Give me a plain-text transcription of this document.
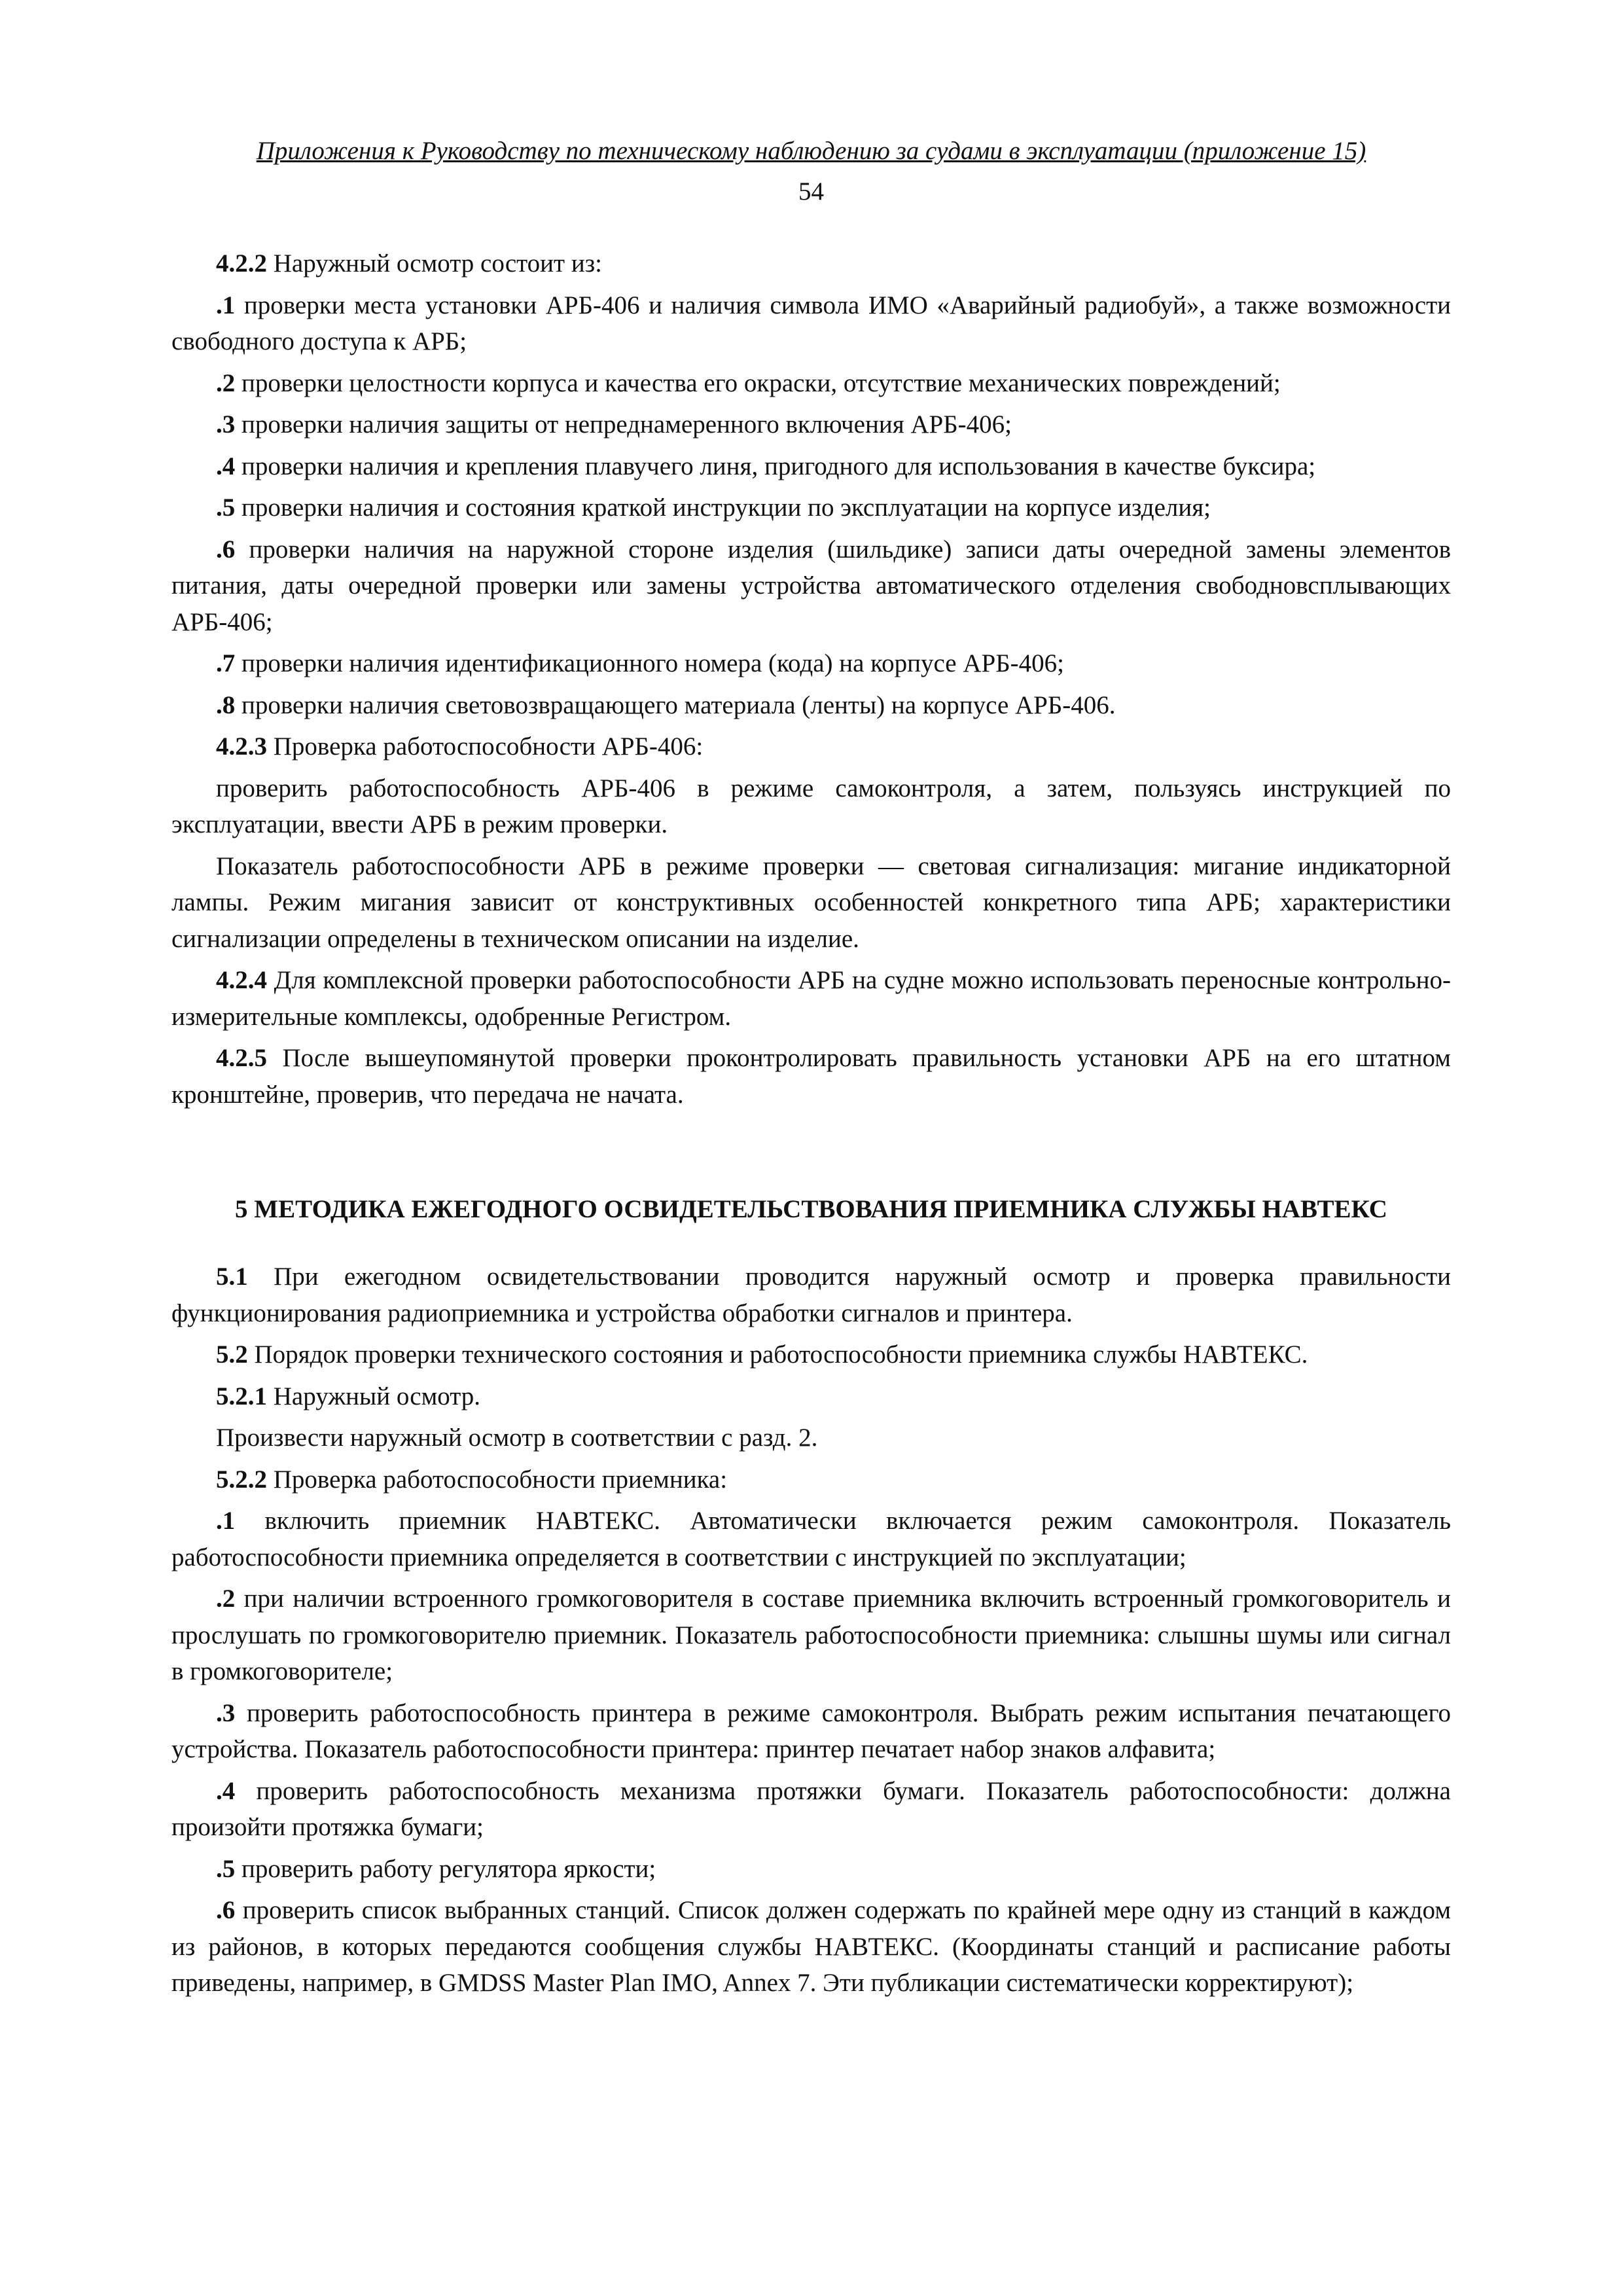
Приложения к Руководству по техническому наблюдению за судами в эксплуатации (приложение 15)
54

4.2.2 Наружный осмотр состоит из:

.1 проверки места установки АРБ-406 и наличия символа ИМО «Аварийный радиобуй», а также возможности свободного доступа к АРБ;

.2 проверки целостности корпуса и качества его окраски, отсутствие механических повреждений;

.3 проверки наличия защиты от непреднамеренного включения АРБ-406;

.4 проверки наличия и крепления плавучего линя, пригодного для использования в качестве буксира;

.5 проверки наличия и состояния краткой инструкции по эксплуатации на корпусе изделия;

.6 проверки наличия на наружной стороне изделия (шильдике) записи даты очередной замены элементов питания, даты очередной проверки или замены устройства автоматического отделения свободновсплывающих АРБ-406;

.7 проверки наличия идентификационного номера (кода) на корпусе АРБ-406;

.8 проверки наличия световозвращающего материала (ленты) на корпусе АРБ-406.

4.2.3 Проверка работоспособности АРБ-406:

проверить работоспособность АРБ-406 в режиме самоконтроля, а затем, пользуясь инструкцией по эксплуатации, ввести АРБ в режим проверки.

Показатель работоспособности АРБ в режиме проверки — световая сигнализация: мигание индикаторной лампы. Режим мигания зависит от конструктивных особенностей конкретного типа АРБ; характеристики сигнализации определены в техническом описании на изделие.

4.2.4 Для комплексной проверки работоспособности АРБ на судне можно использовать переносные контрольно-измерительные комплексы, одобренные Регистром.

4.2.5 После вышеупомянутой проверки проконтролировать правильность установки АРБ на его штатном кронштейне, проверив, что передача не начата.

5 МЕТОДИКА ЕЖЕГОДНОГО ОСВИДЕТЕЛЬСТВОВАНИЯ ПРИЕМНИКА СЛУЖБЫ НАВТЕКС

5.1 При ежегодном освидетельствовании проводится наружный осмотр и проверка правильности функционирования радиоприемника и устройства обработки сигналов и принтера.

5.2 Порядок проверки технического состояния и работоспособности приемника службы НАВТЕКС.

5.2.1 Наружный осмотр.

Произвести наружный осмотр в соответствии с разд. 2.

5.2.2 Проверка работоспособности приемника:

.1 включить приемник НАВТЕКС. Автоматически включается режим самоконтроля. Показатель работоспособности приемника определяется в соответствии с инструкцией по эксплуатации;

.2 при наличии встроенного громкоговорителя в составе приемника включить встроенный громкоговоритель и прослушать по громкоговорителю приемник. Показатель работоспособности приемника: слышны шумы или сигнал в громкоговорителе;

.3 проверить работоспособность принтера в режиме самоконтроля. Выбрать режим испытания печатающего устройства. Показатель работоспособности принтера: принтер печатает набор знаков алфавита;

.4 проверить работоспособность механизма протяжки бумаги. Показатель работоспособности: должна произойти протяжка бумаги;

.5 проверить работу регулятора яркости;

.6 проверить список выбранных станций. Список должен содержать по крайней мере одну из станций в каждом из районов, в которых передаются сообщения службы НАВТЕКС. (Координаты станций и расписание работы приведены, например, в GMDSS Master Plan IMO, Annex 7. Эти публикации систематически корректируют);
